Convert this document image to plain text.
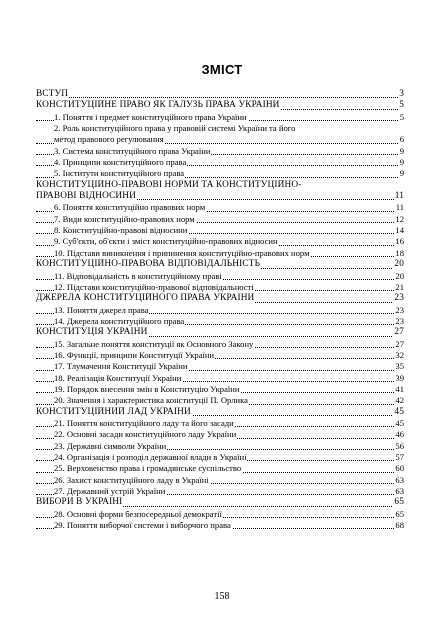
ЗМІСТ
ВСТУП	3
КОНСТИТУЦІЙНЕ ПРАВО ЯК ГАЛУЗЬ ПРАВА УКРАЇНИ	5
1. Поняття і предмет конституційного права України	5
2. Роль конституційного права у правовій системі України та його
метод правового регулювання	6
3. Система конституційного права України	9
4. Принципи конституційного права	9
5. Інститути конституційного права	9
КОНСТИТУЦІЙНО-ПРАВОВІ НОРМИ ТА КОНСТИТУЦІЙНО-
ПРАВОВІ ВІДНОСИНИ	11
6. Поняття конституційно правових норм	11
7. Види конституційно-правових норм	12
8. Конституційно-правові відносини	14
9. Суб'єкти, об'єкти і зміст конституційно-правових відносин	16
10. Підстави виникнення і припинення конституційно-правових норм	18
КОНСТИТУЦІЙНО-ПРАВОВА ВІДПОВІДАЛЬНІСТЬ	20
11. Відповідальність в конституційному праві	20
12. Підстави конституційно-правової відповідальності	21
ДЖЕРЕЛА КОНСТИТУЦІЙНОГО ПРАВА УКРАЇНИ	23
13. Поняття джерел права	23
14. Джерела конституційного права	23
КОНСТИТУЦІЯ УКРАЇНИ	27
15. Загальне поняття конституції як Основного Закону	27
16. Функції, принципи Конституції України	32
17. Тлумачення Конституції України	35
18. Реалізація Конституції України	39
19. Порядок внесення змін в Конституцію України	41
20. Значення і характеристика конституції П. Орлика	42
КОНСТИТУЦІЙНИЙ ЛАД УКРАЇНИ	45
21. Поняття конституційного ладу та його засади	45
22. Основні засади конституційного ладу України	46
23. Державні символи України	56
24. Організація і розподіл державної влади в Україні	57
25. Верховенство права і громадянське суспільство	60
26. Захист конституційного ладу в Україні	63
27. Державний устрій України	63
ВИБОРИ В УКРАЇНІ	65
28. Основні форми безпосередньої демократії	65
29. Поняття виборчої системи і виборчого права	68
158
